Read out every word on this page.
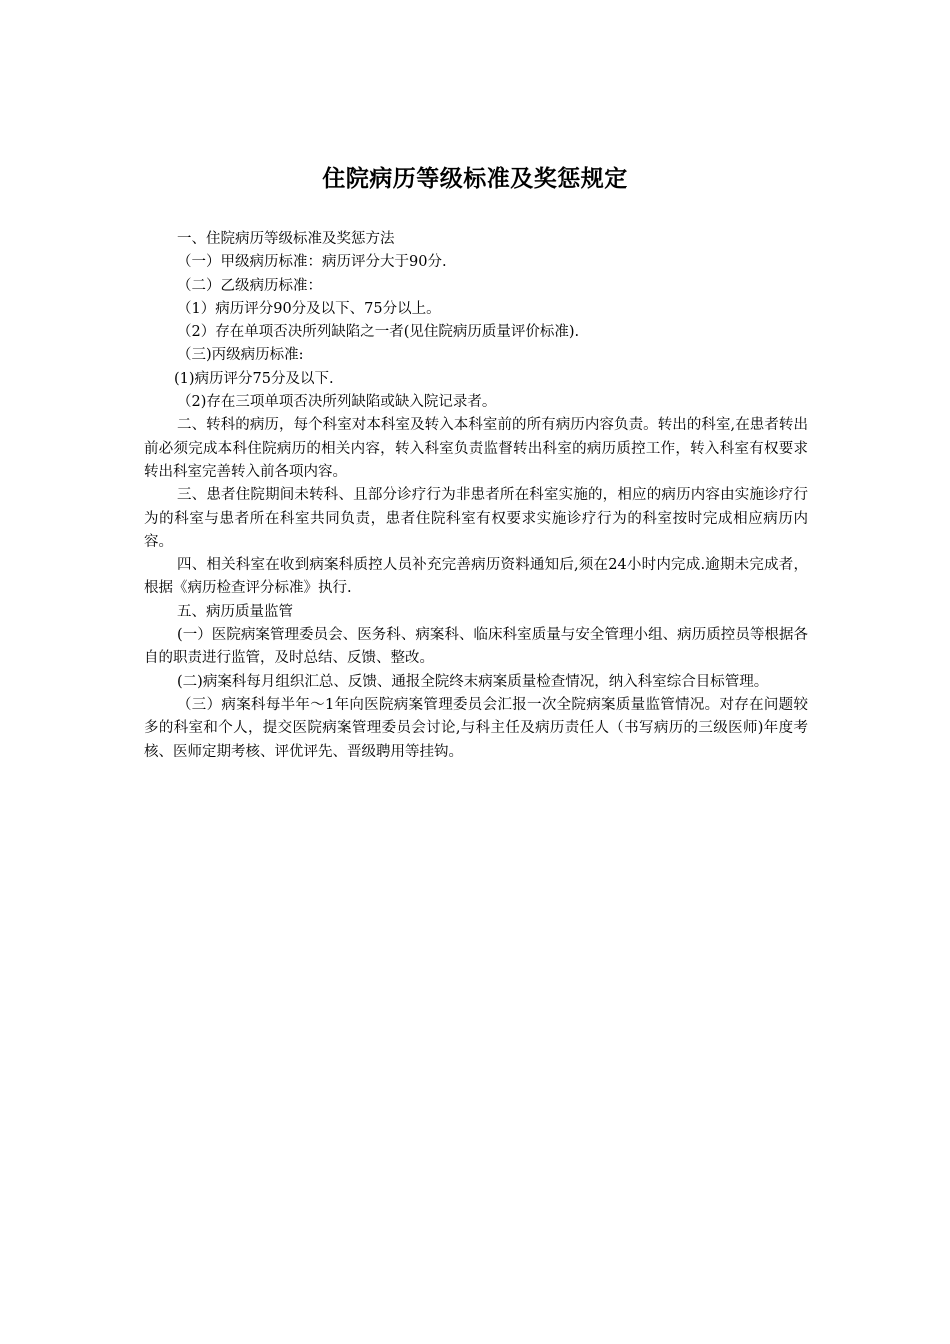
住院病历等级标准及奖惩规定

一、住院病历等级标准及奖惩方法

（一）甲级病历标准：病历评分大于90分.

（二）乙级病历标准：

（1）病历评分90分及以下、75分以上。

（2）存在单项否决所列缺陷之一者(见住院病历质量评价标准).

（三)丙级病历标准:

(1)病历评分75分及以下.

（2)存在三项单项否决所列缺陷或缺入院记录者。

二、转科的病历，每个科室对本科室及转入本科室前的所有病历内容负责。转出的科室,在患者转出前必须完成本科住院病历的相关内容，转入科室负责监督转出科室的病历质控工作，转入科室有权要求转出科室完善转入前各项内容。

三、患者住院期间未转科、且部分诊疗行为非患者所在科室实施的，相应的病历内容由实施诊疗行为的科室与患者所在科室共同负责，患者住院科室有权要求实施诊疗行为的科室按时完成相应病历内容。

四、相关科室在收到病案科质控人员补充完善病历资料通知后,须在24小时内完成.逾期未完成者，根据《病历检查评分标准》执行.

五、病历质量监管

(一）医院病案管理委员会、医务科、病案科、临床科室质量与安全管理小组、病历质控员等根据各自的职责进行监管，及时总结、反馈、整改。

(二)病案科每月组织汇总、反馈、通报全院终末病案质量检查情况，纳入科室综合目标管理。

（三）病案科每半年～1年向医院病案管理委员会汇报一次全院病案质量监管情况。对存在问题较多的科室和个人，提交医院病案管理委员会讨论,与科主任及病历责任人（书写病历的三级医师)年度考核、医师定期考核、评优评先、晋级聘用等挂钩。
